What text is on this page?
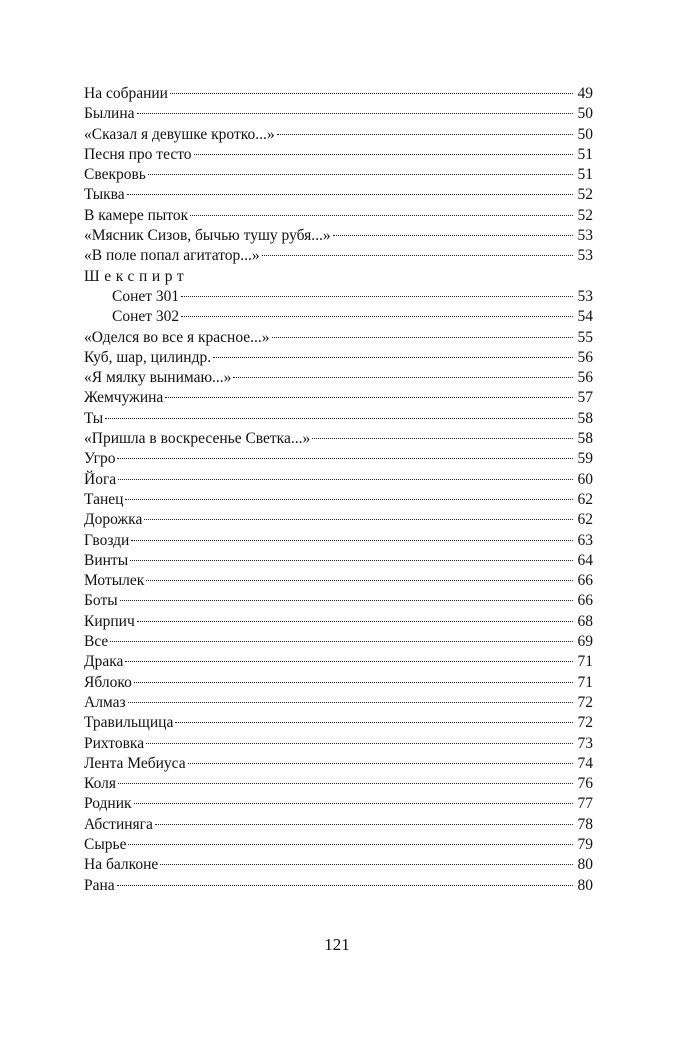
На собрании	49
Былина	50
«Сказал я девушке кротко...»	50
Песня про тесто	51
Свекровь	51
Тыква	52
В камере пыток	52
«Мясник Сизов, бычью тушу рубя...»	53
«В поле попал агитатор...»	53
Шекспирт
Сонет 301	53
Сонет 302	54
«Оделся во все я красное...»	55
Куб, шар, цилиндр.	56
«Я мялку вынимаю...»	56
Жемчужина	57
Ты	58
«Пришла в воскресенье Светка...»	58
Угро	59
Йога	60
Танец	62
Дорожка	62
Гвозди	63
Винты	64
Мотылек	66
Боты	66
Кирпич	68
Все	69
Драка	71
Яблоко	71
Алмаз	72
Травильщица	72
Рихтовка	73
Лента Мебиуса	74
Коля	76
Родник	77
Абстиняга	78
Сырье	79
На балконе	80
Рана	80
121
